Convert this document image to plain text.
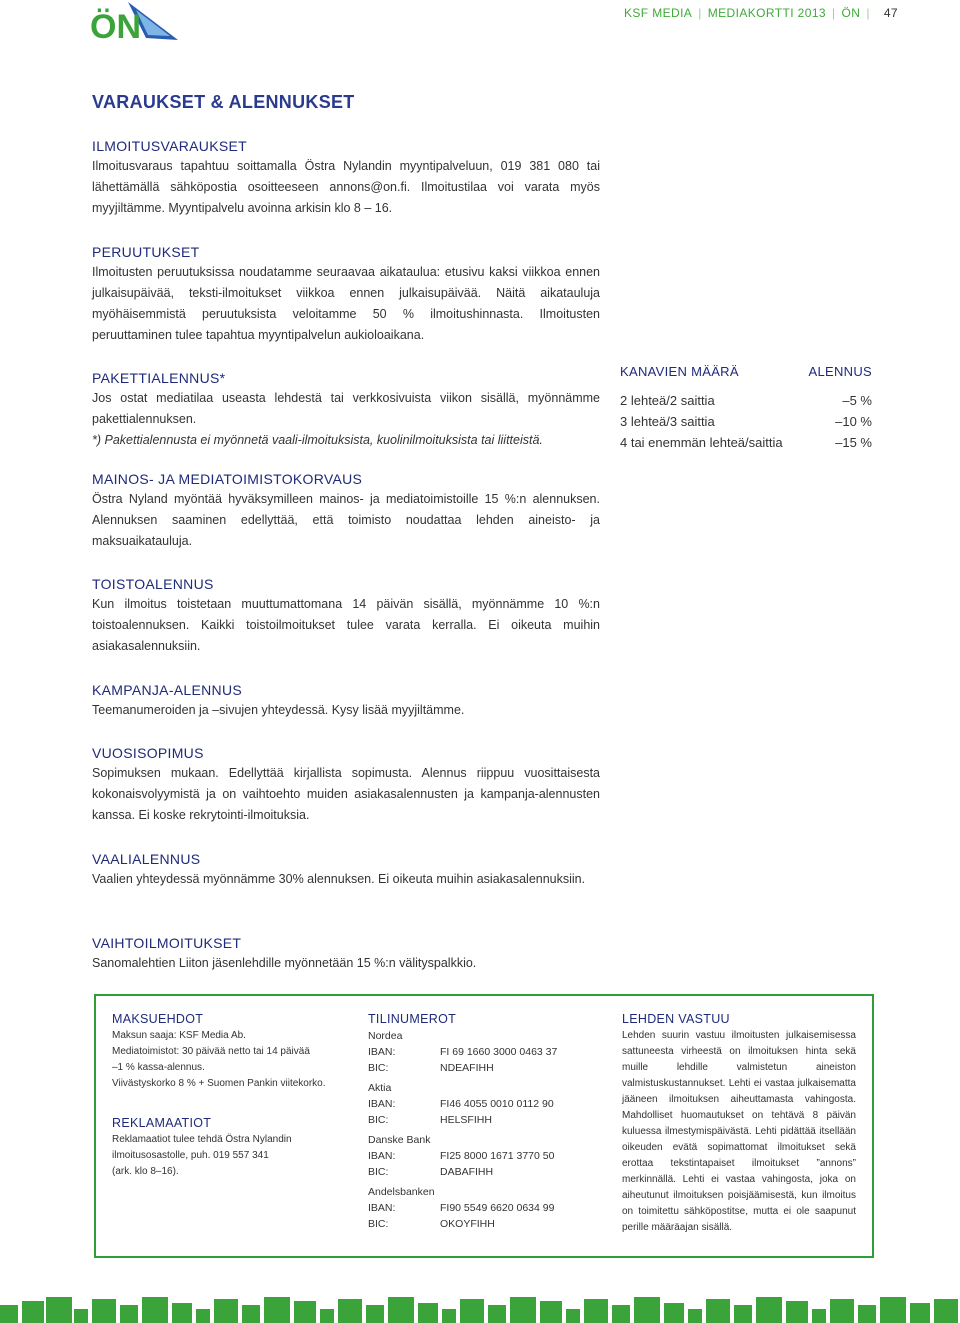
ÖN	KSF MEDIA | MEDIAKORTTI 2013 | ÖN | 47
VARAUKSET & ALENNUKSET
ILMOITUSVARAUKSET

Ilmoitusvaraus tapahtuu soittamalla Östra Nylandin myyntipalveluun, 019 381 080 tai lähettämällä sähköpostia osoitteeseen annons@on.fi. Ilmoitustilaa voi varata myös myyjiltämme. Myyntipalvelu avoinna arkisin klo 8 – 16.

PERUUTUKSET

Ilmoitusten peruutuksissa noudatamme seuraavaa aikataulua: etusivu kaksi viikkoa ennen julkaisupäivää, teksti-ilmoitukset viikkoa ennen julkaisupäivää. Näitä aikatauluja myöhäisemmistä peruutuksista veloitamme 50 % ilmoitushinnasta. Ilmoitusten peruuttaminen tulee tapahtua myyntipalvelun aukioloaikana.

PAKETTIALENNUS*

Jos ostat mediatilaa useasta lehdestä tai verkkosivuista viikon sisällä, myönnämme pakettialennuksen.

*) Pakettialennusta ei myönnetä vaali-ilmoituksista, kuolinilmoituksista tai liitteistä.

MAINOS- JA MEDIATOIMISTOKORVAUS

Östra Nyland myöntää hyväksymilleen mainos- ja mediatoimistoille 15 %:n alennuksen. Alennuksen saaminen edellyttää, että toimisto noudattaa lehden aineisto- ja maksuaikatauluja.

TOISTOALENNUS

Kun ilmoitus toistetaan muuttumattomana 14 päivän sisällä, myönnämme 10 %:n toistoalennuksen. Kaikki toistoilmoitukset tulee varata kerralla. Ei oikeuta muihin asiakasalennuksiin.

KAMPANJA-ALENNUS

Teemanumeroiden ja –sivujen yhteydessä. Kysy lisää myyjiltämme.

VUOSISOPIMUS

Sopimuksen mukaan. Edellyttää kirjallista sopimusta. Alennus riippuu vuosittaisesta kokonaisvolyymistä ja on vaihtoehto muiden asiakasalennusten ja kampanja-alennusten kanssa. Ei koske rekrytointi-ilmoituksia.

VAALIALENNUS

Vaalien yhteydessä myönnämme 30% alennuksen. Ei oikeuta muihin asiakasalennuksiin.

VAIHTOILMOITUKSET

Sanomalehtien Liiton jäsenlehdille myönnetään 15 %:n välityspalkkio.

KANAVIEN MÄÄRÄ	ALENNUS
2 lehteä/2 saittia	–5 %
3 lehteä/3 saittia	–10 %
4 tai enemmän lehteä/saittia	–15 %
MAKSUEHDOT

Maksun saaja: KSF Media Ab.

Mediatoimistot: 30 päivää netto tai 14 päivää

–1 % kassa-alennus.

Viivästyskorko 8 % + Suomen Pankin viitekorko.

REKLAMAATIOT

Reklamaatiot tulee tehdä Östra Nylandin

ilmoitusosastolle, puh. 019 557 341

(ark. klo 8–16).

TILINUMEROT
Nordea
IBAN:	FI 69 1660 3000 0463 37
BIC:	NDEAFIHH
Aktia
IBAN:	FI46 4055 0010 0112 90
BIC:	HELSFIHH
Danske Bank
IBAN:	FI25 8000 1671 3770 50
BIC:	DABAFIHH
Andelsbanken
IBAN:	FI90 5549 6620 0634 99
BIC:	OKOYFIHH
LEHDEN VASTUU

Lehden suurin vastuu ilmoitusten julkaisemisessa sattuneesta virheestä on ilmoituksen hinta sekä muille lehdille valmistetun aineiston valmistuskustannukset. Lehti ei vastaa julkaisematta jääneen ilmoituksen aiheuttamasta vahingosta. Mahdolliset huomautukset on tehtävä 8 päivän kuluessa ilmestymispäivästä. Lehti pidättää itsellään oikeuden evätä sopimattomat ilmoitukset sekä erottaa tekstintapaiset ilmoitukset ”annons” merkinnällä. Lehti ei vastaa vahingosta, joka on aiheutunut ilmoituksen poisjäämisestä, kun ilmoitus on toimitettu sähköpostitse, mutta ei ole saapunut perille määräajan sisällä.
